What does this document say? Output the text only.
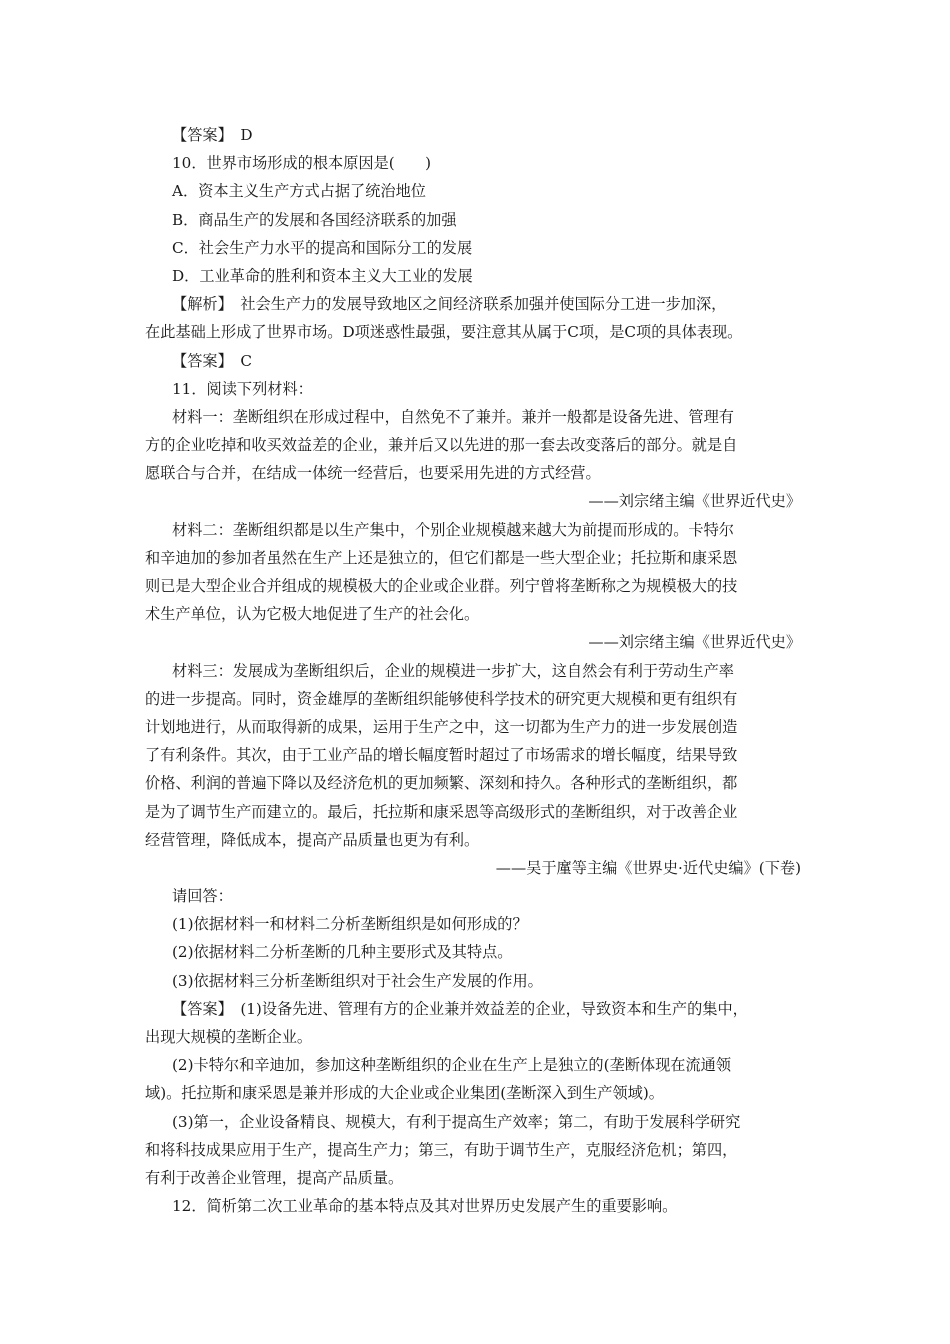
【答案】　D
10．世界市场形成的根本原因是(　　)
A．资本主义生产方式占据了统治地位
B．商品生产的发展和各国经济联系的加强
C．社会生产力水平的提高和国际分工的发展
D．工业革命的胜利和资本主义大工业的发展
【解析】　社会生产力的发展导致地区之间经济联系加强并使国际分工进一步加深，
在此基础上形成了世界市场。D项迷惑性最强，要注意其从属于C项，是C项的具体表现。
【答案】　C
11．阅读下列材料：
材料一：垄断组织在形成过程中，自然免不了兼并。兼并一般都是设备先进、管理有
方的企业吃掉和收买效益差的企业，兼并后又以先进的那一套去改变落后的部分。就是自
愿联合与合并，在结成一体统一经营后，也要采用先进的方式经营。
——刘宗绪主编《世界近代史》
材料二：垄断组织都是以生产集中，个别企业规模越来越大为前提而形成的。卡特尔
和辛迪加的参加者虽然在生产上还是独立的，但它们都是一些大型企业；托拉斯和康采恩
则已是大型企业合并组成的规模极大的企业或企业群。列宁曾将垄断称之为规模极大的技
术生产单位，认为它极大地促进了生产的社会化。
——刘宗绪主编《世界近代史》
材料三：发展成为垄断组织后，企业的规模进一步扩大，这自然会有利于劳动生产率
的进一步提高。同时，资金雄厚的垄断组织能够使科学技术的研究更大规模和更有组织有
计划地进行，从而取得新的成果，运用于生产之中，这一切都为生产力的进一步发展创造
了有利条件。其次，由于工业产品的增长幅度暂时超过了市场需求的增长幅度，结果导致
价格、利润的普遍下降以及经济危机的更加频繁、深刻和持久。各种形式的垄断组织，都
是为了调节生产而建立的。最后，托拉斯和康采恩等高级形式的垄断组织，对于改善企业
经营管理，降低成本，提高产品质量也更为有利。
——吴于廑等主编《世界史·近代史编》(下卷)
请回答：
(1)依据材料一和材料二分析垄断组织是如何形成的？
(2)依据材料二分析垄断的几种主要形式及其特点。
(3)依据材料三分析垄断组织对于社会生产发展的作用。
【答案】　(1)设备先进、管理有方的企业兼并效益差的企业，导致资本和生产的集中，
出现大规模的垄断企业。
(2)卡特尔和辛迪加，参加这种垄断组织的企业在生产上是独立的(垄断体现在流通领
域)。托拉斯和康采恩是兼并形成的大企业或企业集团(垄断深入到生产领域)。
(3)第一，企业设备精良、规模大，有利于提高生产效率；第二，有助于发展科学研究
和将科技成果应用于生产，提高生产力；第三，有助于调节生产，克服经济危机；第四，
有利于改善企业管理，提高产品质量。
12．简析第二次工业革命的基本特点及其对世界历史发展产生的重要影响。
